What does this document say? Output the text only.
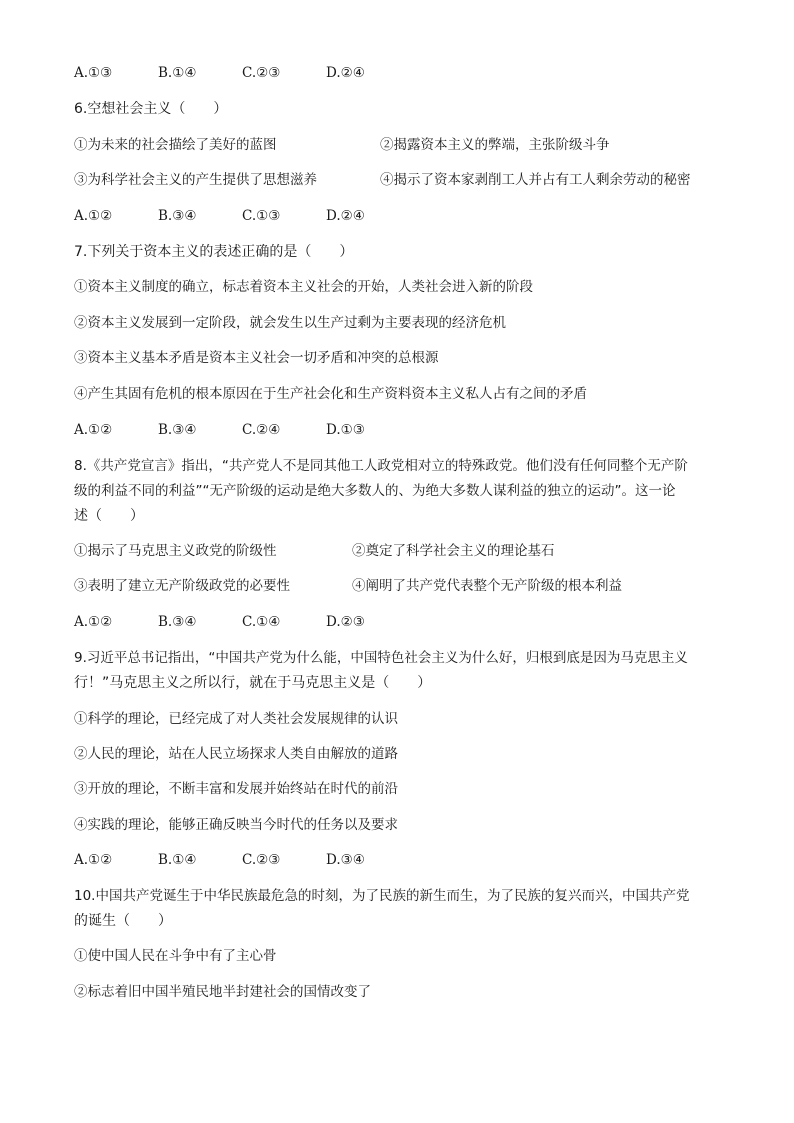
A.①③	B.①④	C.②③	D.②④
6.空想社会主义（　　）
①为未来的社会描绘了美好的蓝图	②揭露资本主义的弊端，主张阶级斗争
③为科学社会主义的产生提供了思想滋养	④揭示了资本家剥削工人并占有工人剩余劳动的秘密
A.①②	B.③④	C.①③	D.②④
7.下列关于资本主义的表述正确的是（　　）
①资本主义制度的确立，标志着资本主义社会的开始，人类社会进入新的阶段
②资本主义发展到一定阶段，就会发生以生产过剩为主要表现的经济危机
③资本主义基本矛盾是资本主义社会一切矛盾和冲突的总根源
④产生其固有危机的根本原因在于生产社会化和生产资料资本主义私人占有之间的矛盾
A.①②	B.③④	C.②④	D.①③
8.《共产党宣言》指出，“共产党人不是同其他工人政党相对立的特殊政党。他们没有任何同整个无产阶
级的利益不同的利益”“无产阶级的运动是绝大多数人的、为绝大多数人谋利益的独立的运动”。这一论
述（　　）
①揭示了马克思主义政党的阶级性	②奠定了科学社会主义的理论基石
③表明了建立无产阶级政党的必要性	④阐明了共产党代表整个无产阶级的根本利益
A.①②	B.③④	C.①④	D.②③
9.习近平总书记指出，“中国共产党为什么能，中国特色社会主义为什么好，归根到底是因为马克思主义
行！”马克思主义之所以行，就在于马克思主义是（　　）
①科学的理论，已经完成了对人类社会发展规律的认识
②人民的理论，站在人民立场探求人类自由解放的道路
③开放的理论，不断丰富和发展并始终站在时代的前沿
④实践的理论，能够正确反映当今时代的任务以及要求
A.①②	B.①④	C.②③	D.③④
10.中国共产党诞生于中华民族最危急的时刻，为了民族的新生而生，为了民族的复兴而兴，中国共产党
的诞生（　　）
①使中国人民在斗争中有了主心骨
②标志着旧中国半殖民地半封建社会的国情改变了
